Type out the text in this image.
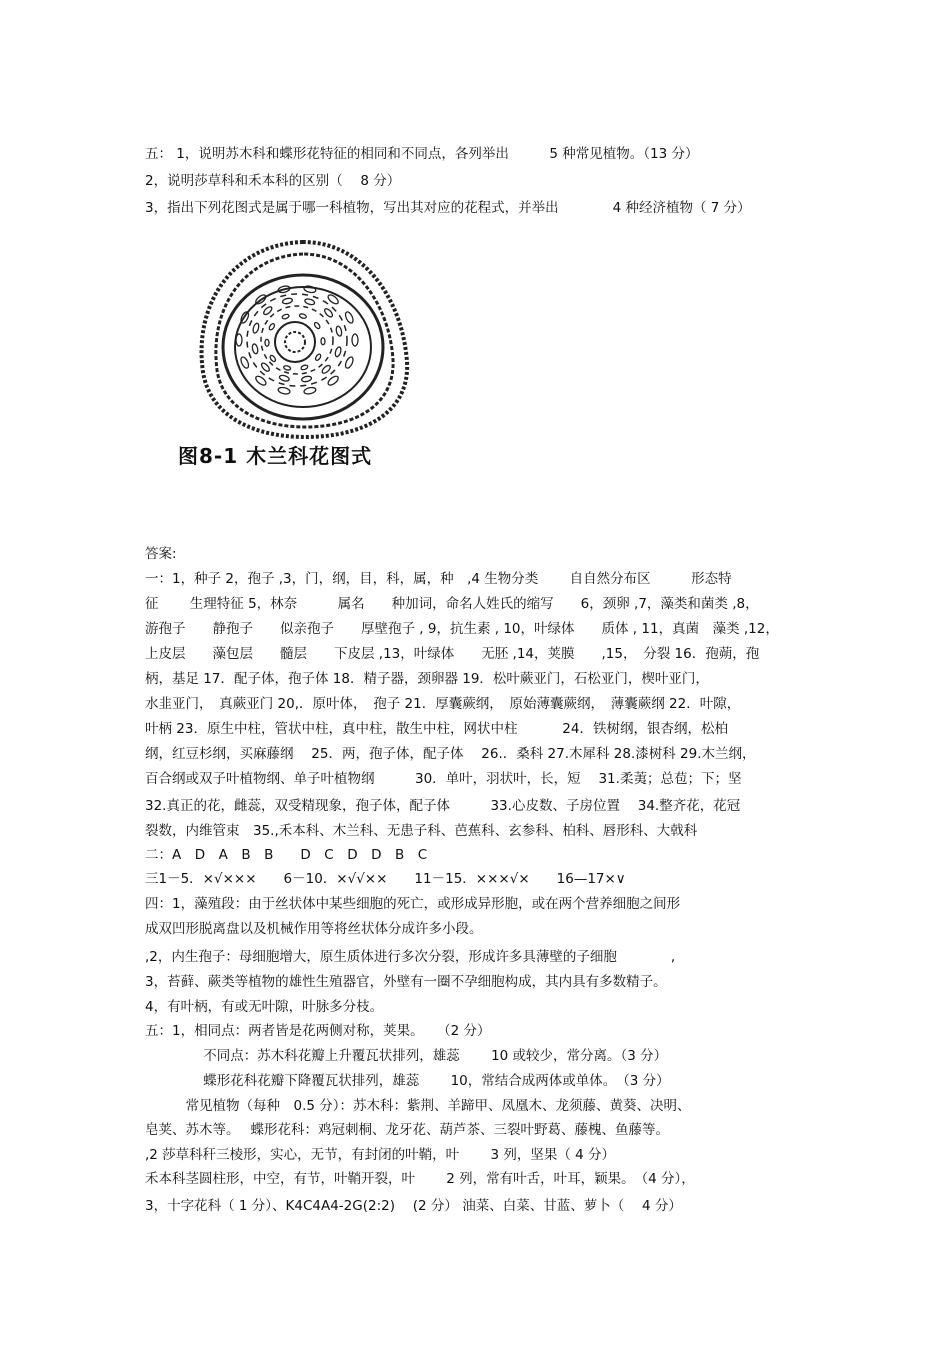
五： 1，说明苏木科和蝶形花特征的相同和不同点，各列举出　　　5 种常见植物。（13 分）
2，说明莎草科和禾本科的区别（　 8 分）
3，指出下列花图式是属于哪一科植物，写出其对应的花程式，并举出　　　　4 种经济植物（ 7 分）
图8-1 木兰科花图式
答案:
一：1，种子 2，孢子 ,3，门，纲，目，科，属，种　,4 生物分类　　 自自然分布区　　　形态特
征　　 生理特征 5，林奈　　　属名　　种加词，命名人姓氏的缩写　　6，颈卵 ,7，藻类和菌类 ,8，
游孢子　　静孢子　　似亲孢子　　厚壁孢子 , 9，抗生素 , 10，叶绿体　　质体 , 11，真菌　藻类 ,12，
上皮层　　藻包层　　髓层　　下皮层 ,13，叶绿体　　无胚 ,14，荚膜　　,15，　分裂 16．孢蒴，孢
柄，基足 17．配子体，孢子体 18．精子器，颈卵器 19．松叶蕨亚门，石松亚门，楔叶亚门，
水韭亚门，　真蕨亚门 20,．原叶体，　孢子 21．厚囊蕨纲，　原始薄囊蕨纲，　薄囊蕨纲 22．叶隙，
叶柄 23．原生中柱，管状中柱，真中柱，散生中柱，网状中柱　　　 24．铁树纲，银杏纲，松柏
纲，红豆杉纲，买麻藤纲　 25．两，孢子体，配子体　 26.．桑科 27.木犀科 28.漆树科 29.木兰纲，
百合纲或双子叶植物纲、单子叶植物纲　　　30．单叶，羽状叶，长，短　 31.柔荑；总苞；下；坚
32.真正的花，雌蕊，双受精现象，孢子体，配子体　　　33.心皮数、子房位置　 34.整齐花，花冠
裂数，内维管束　35.,禾本科、木兰科、无患子科、芭蕉科、玄参科、柏科、唇形科、大戟科
二：A　D　A　B　B　　D　C　D　D　B　C
三1－5．×√×××　　6－10．×√√××　　11－15．×××√×　　16—17×∨
四：1，藻殖段：由于丝状体中某些细胞的死亡，或形成异形胞，或在两个营养细胞之间形
成双凹形脱离盘以及机械作用等将丝状体分成许多小段。
,2，内生孢子：母细胞增大，原生质体进行多次分裂，形成许多具薄壁的子细胞　　　　,
3，苔藓、蕨类等植物的雄性生殖器官，外壁有一圈不孕细胞构成，其内具有多数精子。
4，有叶柄，有或无叶隙，叶脉多分枝。
五：1，相同点：两者皆是花两侧对称，荚果。　　（2 分）
　　　　 不同点：苏木科花瓣上升覆瓦状排列，雄蕊　　 10 或较少，常分离。（3 分）
　　　　 蝶形花科花瓣下降覆瓦状排列，雄蕊　　 10，常结合成两体或单体。　（3 分）
　　　常见植物（每种　0.5 分）：苏木科：紫荆、羊蹄甲、凤凰木、龙须藤、黄葵、决明、
皂荚、苏木等。　 蝶形花科：鸡冠刺桐、龙牙花、葫芦茶、三裂叶野葛、藤槐、鱼藤等。
,2 莎草科秆三棱形，实心，无节，有封闭的叶鞘，叶　　 3 列，坚果（ 4 分）
禾本科茎圆柱形，中空，有节，叶鞘开裂，叶　　 2 列，常有叶舌，叶耳，颖果。　（4 分），
3，十字花科（ 1 分）、K4C4A4-2G(2:2)　 (2 分） 油菜、白菜、甘蓝、萝卜（　 4 分）
